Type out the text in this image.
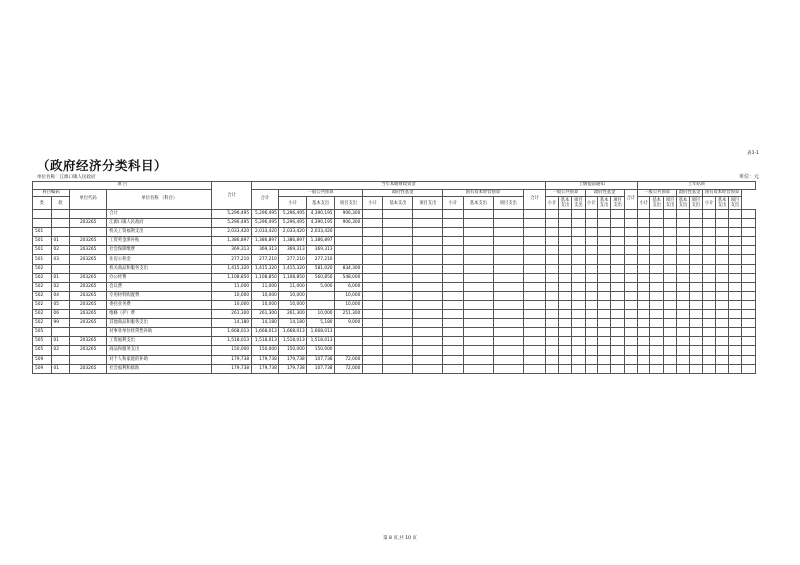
（政府经济分类科目）
表1-1
单位名称：江源口镇人民政府	单位：元
项 目				合计	当年本级财政资金											上级提前通知							上年结转								
科目编码		单位代码	单位名称 （科目）		合计	一般公共预算			政府性基金			国有资本经营预算			合计	一般公共预算			政府性基金			合计	一般公共预算			政府性基金		国有资本经营预算			
类	款					小计	基本支出	项目支出	小计	基本支出	项目支出	小计	基本支出	项目支出		小计	基本支出	项目支出	小计	基本支出	项目支出		小计	基本支出	项目支出	基本支出	项目支出	小计	基本支出	项目支出	
			合计	5,296,495	5,296,495	5,296,495	4,390,195	906,300																							
		203265	江源口镇人民政府	5,296,495	5,296,495	5,296,495	4,390,195	906,300																							
501			机关工资福利支出	2,033,420	2,033,420	2,033,420	2,033,420																								
501	01	203265	工资奖金津补贴	1,386,897	1,386,897	1,386,897	1,386,897																								
501	02	203265	社会保障缴费	369,313	369,313	369,313	369,313																								
501	03	203265	住房公积金	277,210	277,210	277,210	277,210																								
502			机关商品和服务支出	1,415,320	1,415,320	1,415,320	581,020	834,300																							
502	01	203265	办公经费	1,108,850	1,108,850	1,108,850	560,850	548,000																							
502	02	203265	会议费	11,000	11,000	11,000	5,000	6,000																							
502	04	203265	专用材料购置费	10,000	10,000	10,000		10,000																							
502	05	203265	委托业务费	10,000	10,000	10,000		10,000																							
502	06	203265	维修（护）费	261,300	261,300	261,300	10,000	251,300																							
502	99	203265	其他商品和服务支出	14,180	14,180	14,180	5,180	9,000																							
505			对事业单位经常性补助	1,668,013	1,668,013	1,668,013	1,668,013																								
505	01	203265	工资福利支出	1,518,013	1,518,013	1,518,013	1,518,013																								
505	02	203265	商品和服务支出	150,000	150,000	150,000	150,000																								
509			对个人和家庭的补助	179,738	179,738	179,738	107,738	72,000																							
509	01	203265	社会福利和救助	179,738	179,738	179,738	107,738	72,000																							
第 8 页,共 10 页
